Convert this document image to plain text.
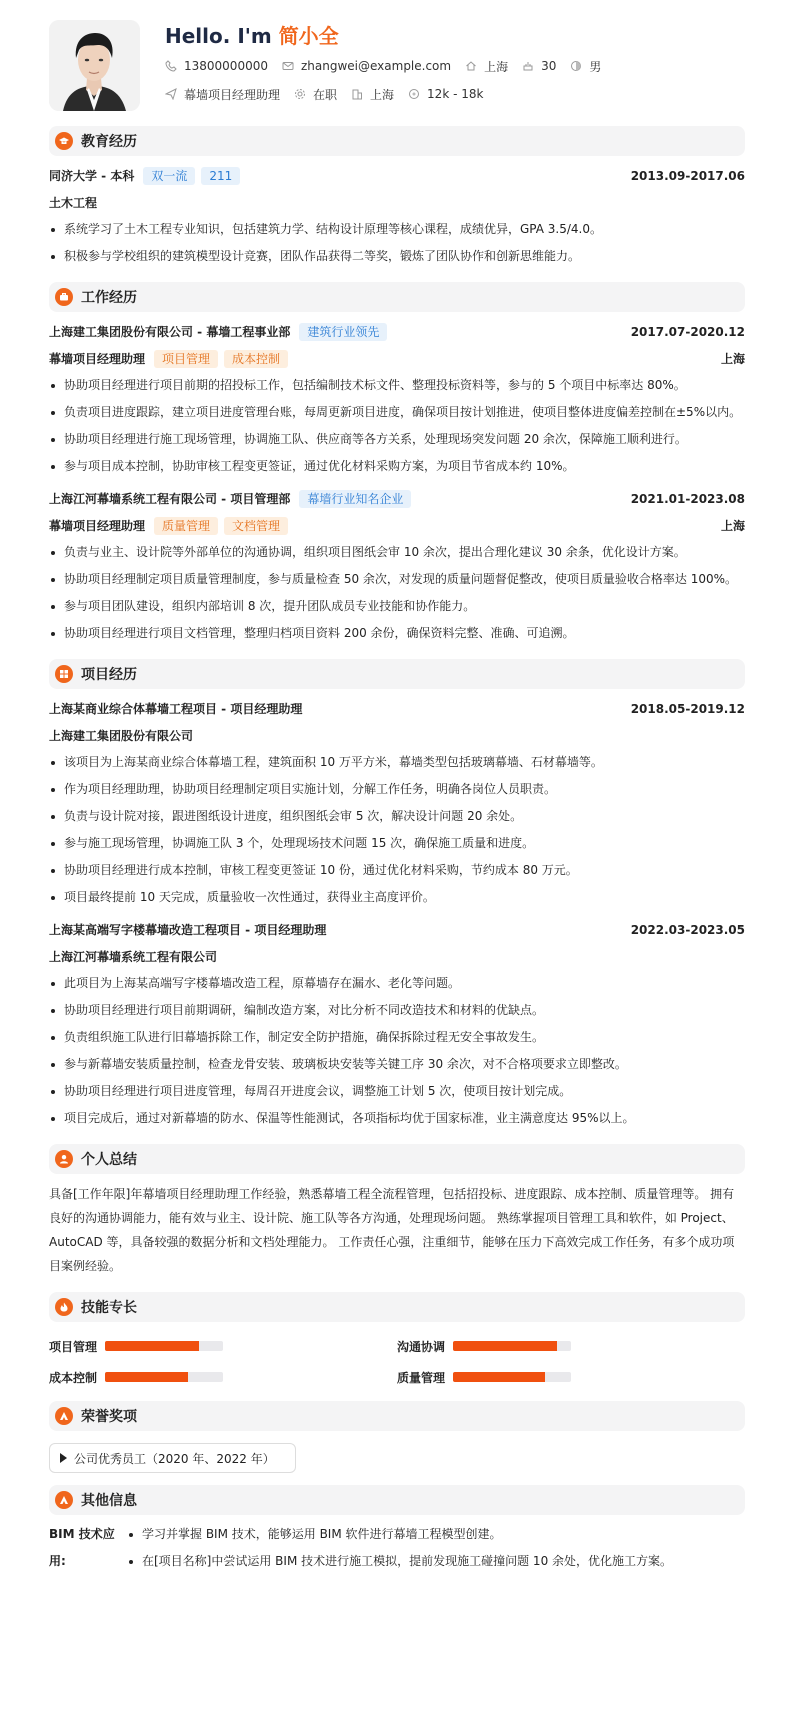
Hello. I'm 简小全
13800000000	zhangwei@example.com	上海	30	男
幕墙项目经理助理	在职	上海	12k - 18k
教育经历
同济大学 - 本科	双一流	211	2013.09-2017.06
土木工程
系统学习了土木工程专业知识，包括建筑力学、结构设计原理等核心课程，成绩优异，GPA 3.5/4.0。
积极参与学校组织的建筑模型设计竞赛，团队作品获得二等奖，锻炼了团队协作和创新思维能力。
工作经历
上海建工集团股份有限公司 - 幕墙工程事业部	建筑行业领先	2017.07-2020.12
幕墙项目经理助理	项目管理	成本控制	上海
协助项目经理进行项目前期的招投标工作，包括编制技术标文件、整理投标资料等，参与的 5 个项目中标率达 80%。
负责项目进度跟踪，建立项目进度管理台账，每周更新项目进度，确保项目按计划推进，使项目整体进度偏差控制在±5%以内。
协助项目经理进行施工现场管理，协调施工队、供应商等各方关系，处理现场突发问题 20 余次，保障施工顺利进行。
参与项目成本控制，协助审核工程变更签证，通过优化材料采购方案，为项目节省成本约 10%。
上海江河幕墙系统工程有限公司 - 项目管理部	幕墙行业知名企业	2021.01-2023.08
幕墙项目经理助理	质量管理	文档管理	上海
负责与业主、设计院等外部单位的沟通协调，组织项目图纸会审 10 余次，提出合理化建议 30 余条，优化设计方案。
协助项目经理制定项目质量管理制度，参与质量检查 50 余次，对发现的质量问题督促整改，使项目质量验收合格率达 100%。
参与项目团队建设，组织内部培训 8 次，提升团队成员专业技能和协作能力。
协助项目经理进行项目文档管理，整理归档项目资料 200 余份，确保资料完整、准确、可追溯。
项目经历
上海某商业综合体幕墙工程项目 - 项目经理助理	2018.05-2019.12
上海建工集团股份有限公司
该项目为上海某商业综合体幕墙工程，建筑面积 10 万平方米，幕墙类型包括玻璃幕墙、石材幕墙等。
作为项目经理助理，协助项目经理制定项目实施计划，分解工作任务，明确各岗位人员职责。
负责与设计院对接，跟进图纸设计进度，组织图纸会审 5 次，解决设计问题 20 余处。
参与施工现场管理，协调施工队 3 个，处理现场技术问题 15 次，确保施工质量和进度。
协助项目经理进行成本控制，审核工程变更签证 10 份，通过优化材料采购，节约成本 80 万元。
项目最终提前 10 天完成，质量验收一次性通过，获得业主高度评价。
上海某高端写字楼幕墙改造工程项目 - 项目经理助理	2022.03-2023.05
上海江河幕墙系统工程有限公司
此项目为上海某高端写字楼幕墙改造工程，原幕墙存在漏水、老化等问题。
协助项目经理进行项目前期调研，编制改造方案，对比分析不同改造技术和材料的优缺点。
负责组织施工队进行旧幕墙拆除工作，制定安全防护措施，确保拆除过程无安全事故发生。
参与新幕墙安装质量控制，检查龙骨安装、玻璃板块安装等关键工序 30 余次，对不合格项要求立即整改。
协助项目经理进行项目进度管理，每周召开进度会议，调整施工计划 5 次，使项目按计划完成。
项目完成后，通过对新幕墙的防水、保温等性能测试，各项指标均优于国家标准，业主满意度达 95%以上。
个人总结
具备[工作年限]年幕墙项目经理助理工作经验，熟悉幕墙工程全流程管理，包括招投标、进度跟踪、成本控制、质量管理等。 拥有良好的沟通协调能力，能有效与业主、设计院、施工队等各方沟通，处理现场问题。 熟练掌握项目管理工具和软件，如 Project、AutoCAD 等，具备较强的数据分析和文档处理能力。 工作责任心强，注重细节，能够在压力下高效完成工作任务，有多个成功项目案例经验。
技能专长
项目管理	沟通协调
成本控制	质量管理
荣誉奖项
公司优秀员工（2020 年、2022 年）
其他信息
BIM 技术应用:
学习并掌握 BIM 技术，能够运用 BIM 软件进行幕墙工程模型创建。
在[项目名称]中尝试运用 BIM 技术进行施工模拟，提前发现施工碰撞问题 10 余处，优化施工方案。
